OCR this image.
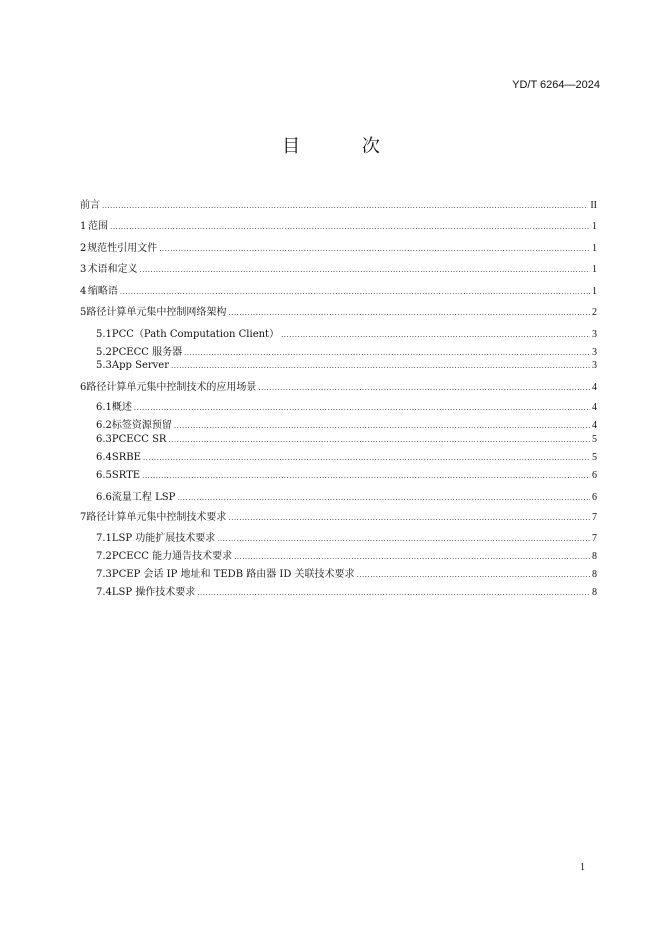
YD/T 6264—2024
目 次
前言 .....	II
1 范围 .....	1
2 规范性引用文件 .....	1
3 术语和定义 .....	1
4 缩略语 .....	1
5 路径计算单元集中控制网络架构 .....	2
5.1 PCC（Path Computation Client） .....	3
5.2 PCECC 服务器 .....	3
5.3 App Server .....	3
6 路径计算单元集中控制技术的应用场景 .....	4
6.1 概述 .....	4
6.2 标签资源预留 .....	4
6.3 PCECC SR .....	5
6.4 SRBE .....	5
6.5 SRTE .....	6
6.6 流量工程 LSP .....	6
7 路径计算单元集中控制技术要求 .....	7
7.1 LSP 功能扩展技术要求 .....	7
7.2 PCECC 能力通告技术要求 .....	8
7.3 PCEP 会话 IP 地址和 TEDB 路由器 ID 关联技术要求 .....	8
7.4 LSP 操作技术要求 .....	8
1
